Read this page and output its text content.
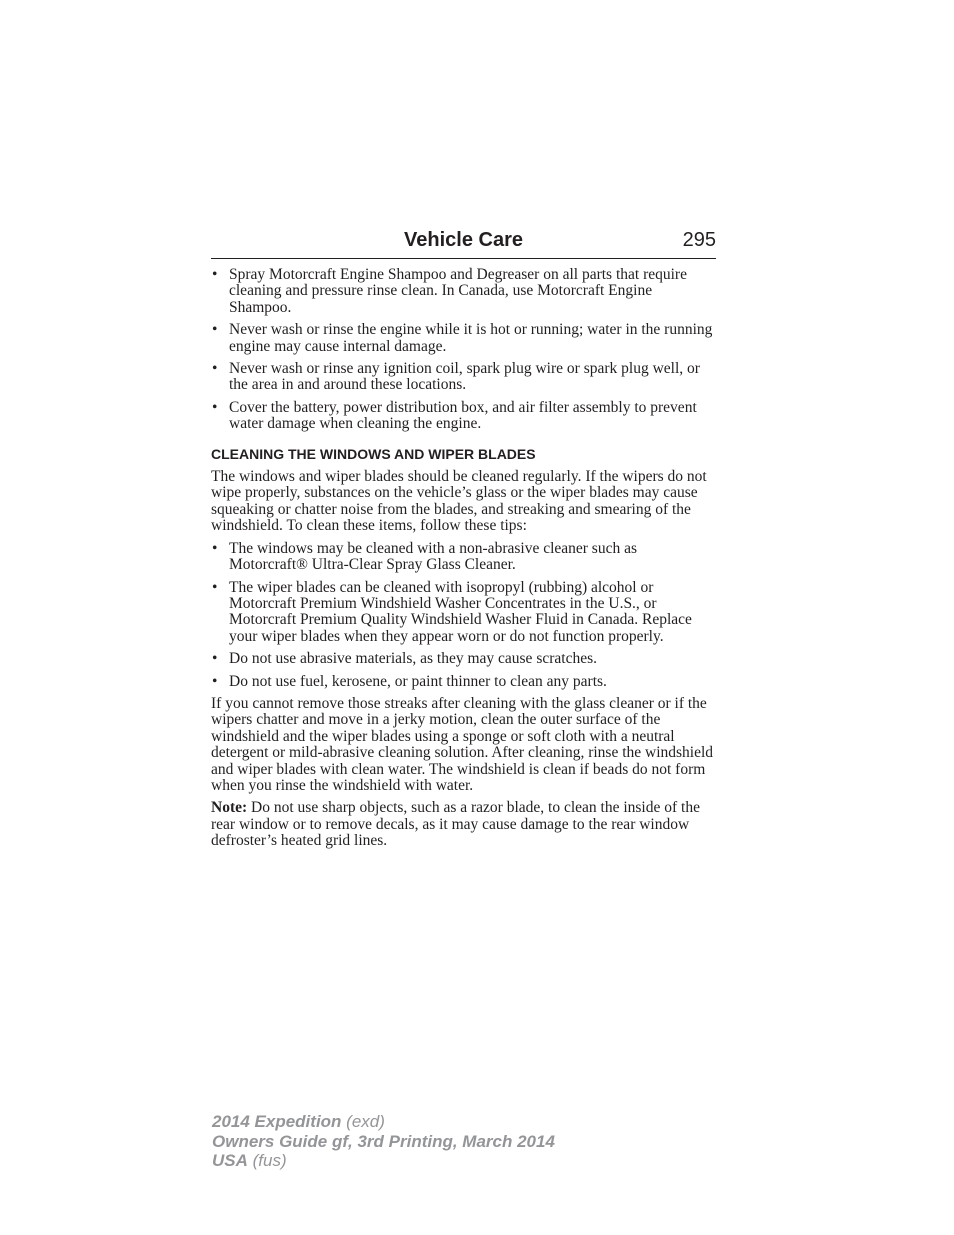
Vehicle Care	295
• Spray Motorcraft Engine Shampoo and Degreaser on all parts that require cleaning and pressure rinse clean. In Canada, use Motorcraft Engine Shampoo.
• Never wash or rinse the engine while it is hot or running; water in the running engine may cause internal damage.
• Never wash or rinse any ignition coil, spark plug wire or spark plug well, or the area in and around these locations.
• Cover the battery, power distribution box, and air filter assembly to prevent water damage when cleaning the engine.
CLEANING THE WINDOWS AND WIPER BLADES

The windows and wiper blades should be cleaned regularly. If the wipers do not wipe properly, substances on the vehicle’s glass or the wiper blades may cause squeaking or chatter noise from the blades, and streaking and smearing of the windshield. To clean these items, follow these tips:

• The windows may be cleaned with a non-abrasive cleaner such as Motorcraft® Ultra-Clear Spray Glass Cleaner.
• The wiper blades can be cleaned with isopropyl (rubbing) alcohol or Motorcraft Premium Windshield Washer Concentrates in the U.S., or Motorcraft Premium Quality Windshield Washer Fluid in Canada. Replace your wiper blades when they appear worn or do not function properly.
• Do not use abrasive materials, as they may cause scratches.
• Do not use fuel, kerosene, or paint thinner to clean any parts.

If you cannot remove those streaks after cleaning with the glass cleaner or if the wipers chatter and move in a jerky motion, clean the outer surface of the windshield and the wiper blades using a sponge or soft cloth with a neutral detergent or mild-abrasive cleaning solution. After cleaning, rinse the windshield and wiper blades with clean water. The windshield is clean if beads do not form when you rinse the windshield with water.

Note: Do not use sharp objects, such as a razor blade, to clean the inside of the rear window or to remove decals, as it may cause damage to the rear window defroster’s heated grid lines.

2014 Expedition (exd)
Owners Guide gf, 3rd Printing, March 2014
USA (fus)
